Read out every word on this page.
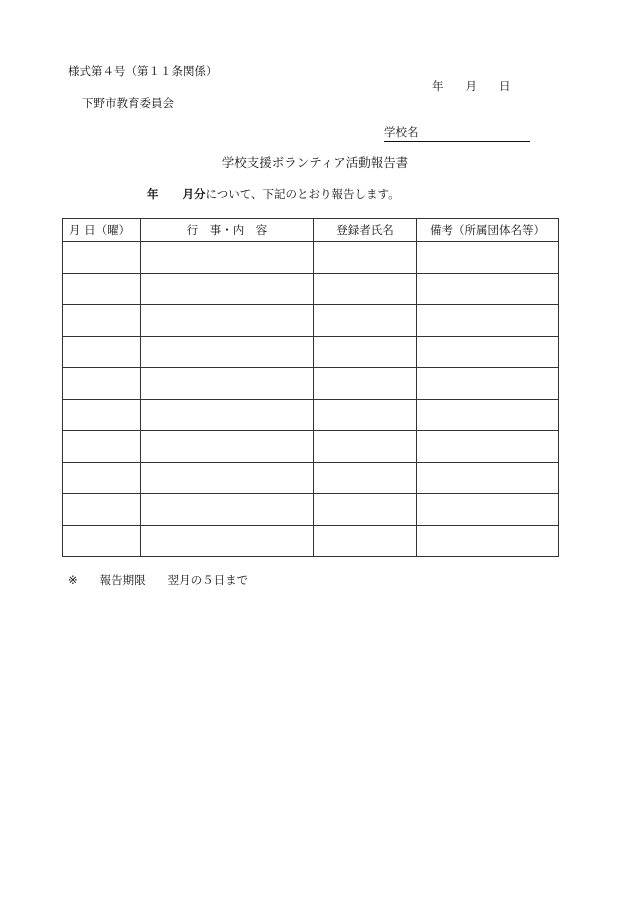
様式第４号（第１１条関係）
年 月 日
下野市教育委員会
学校名
学校支援ボランティア活動報告書
年 月分について、下記のとおり報告します。
月 日（曜）	行　事・内　容	登録者氏名	備考（所属団体名等）

※ 報告期限 翌月の５日まで
